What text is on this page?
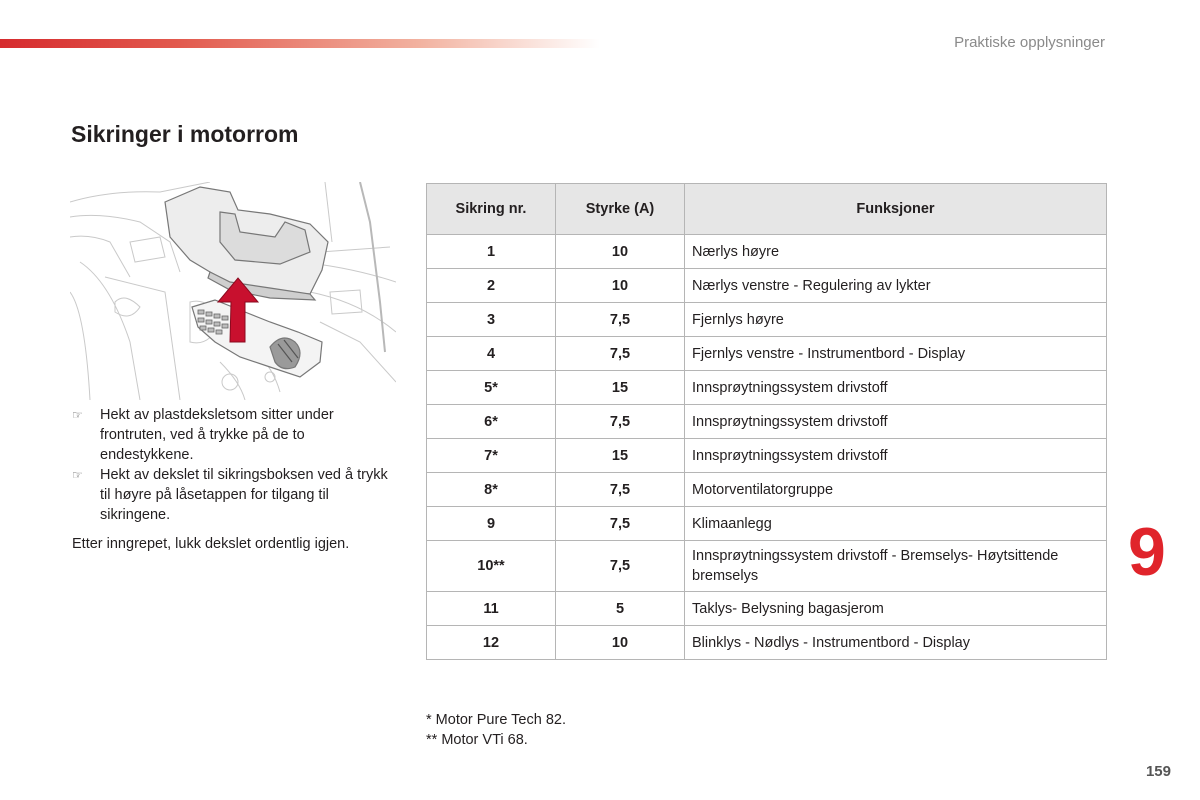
Praktiske opplysninger
Sikringer i motorrom
☞ Hekt av plastdeksletsom sitter under frontruten, ved å trykke på de to endestykkene.
☞ Hekt av dekslet til sikringsboksen ved å trykk til høyre på låsetappen for tilgang til sikringene.
Etter inngrepet, lukk dekslet ordentlig igjen.
Sikring nr.	Styrke (A)	Funksjoner
1	10	Nærlys høyre
2	10	Nærlys venstre - Regulering av lykter
3	7,5	Fjernlys høyre
4	7,5	Fjernlys venstre - Instrumentbord - Display
5*	15	Innsprøytningssystem drivstoff
6*	7,5	Innsprøytningssystem drivstoff
7*	15	Innsprøytningssystem drivstoff
8*	7,5	Motorventilatorgruppe
9	7,5	Klimaanlegg
10**	7,5	Innsprøytningssystem drivstoff - Bremselys- Høytsittende bremselys
11	5	Taklys- Belysning bagasjerom
12	10	Blinklys - Nødlys - Instrumentbord - Display
9
* Motor Pure Tech 82.
** Motor VTi 68.
159
